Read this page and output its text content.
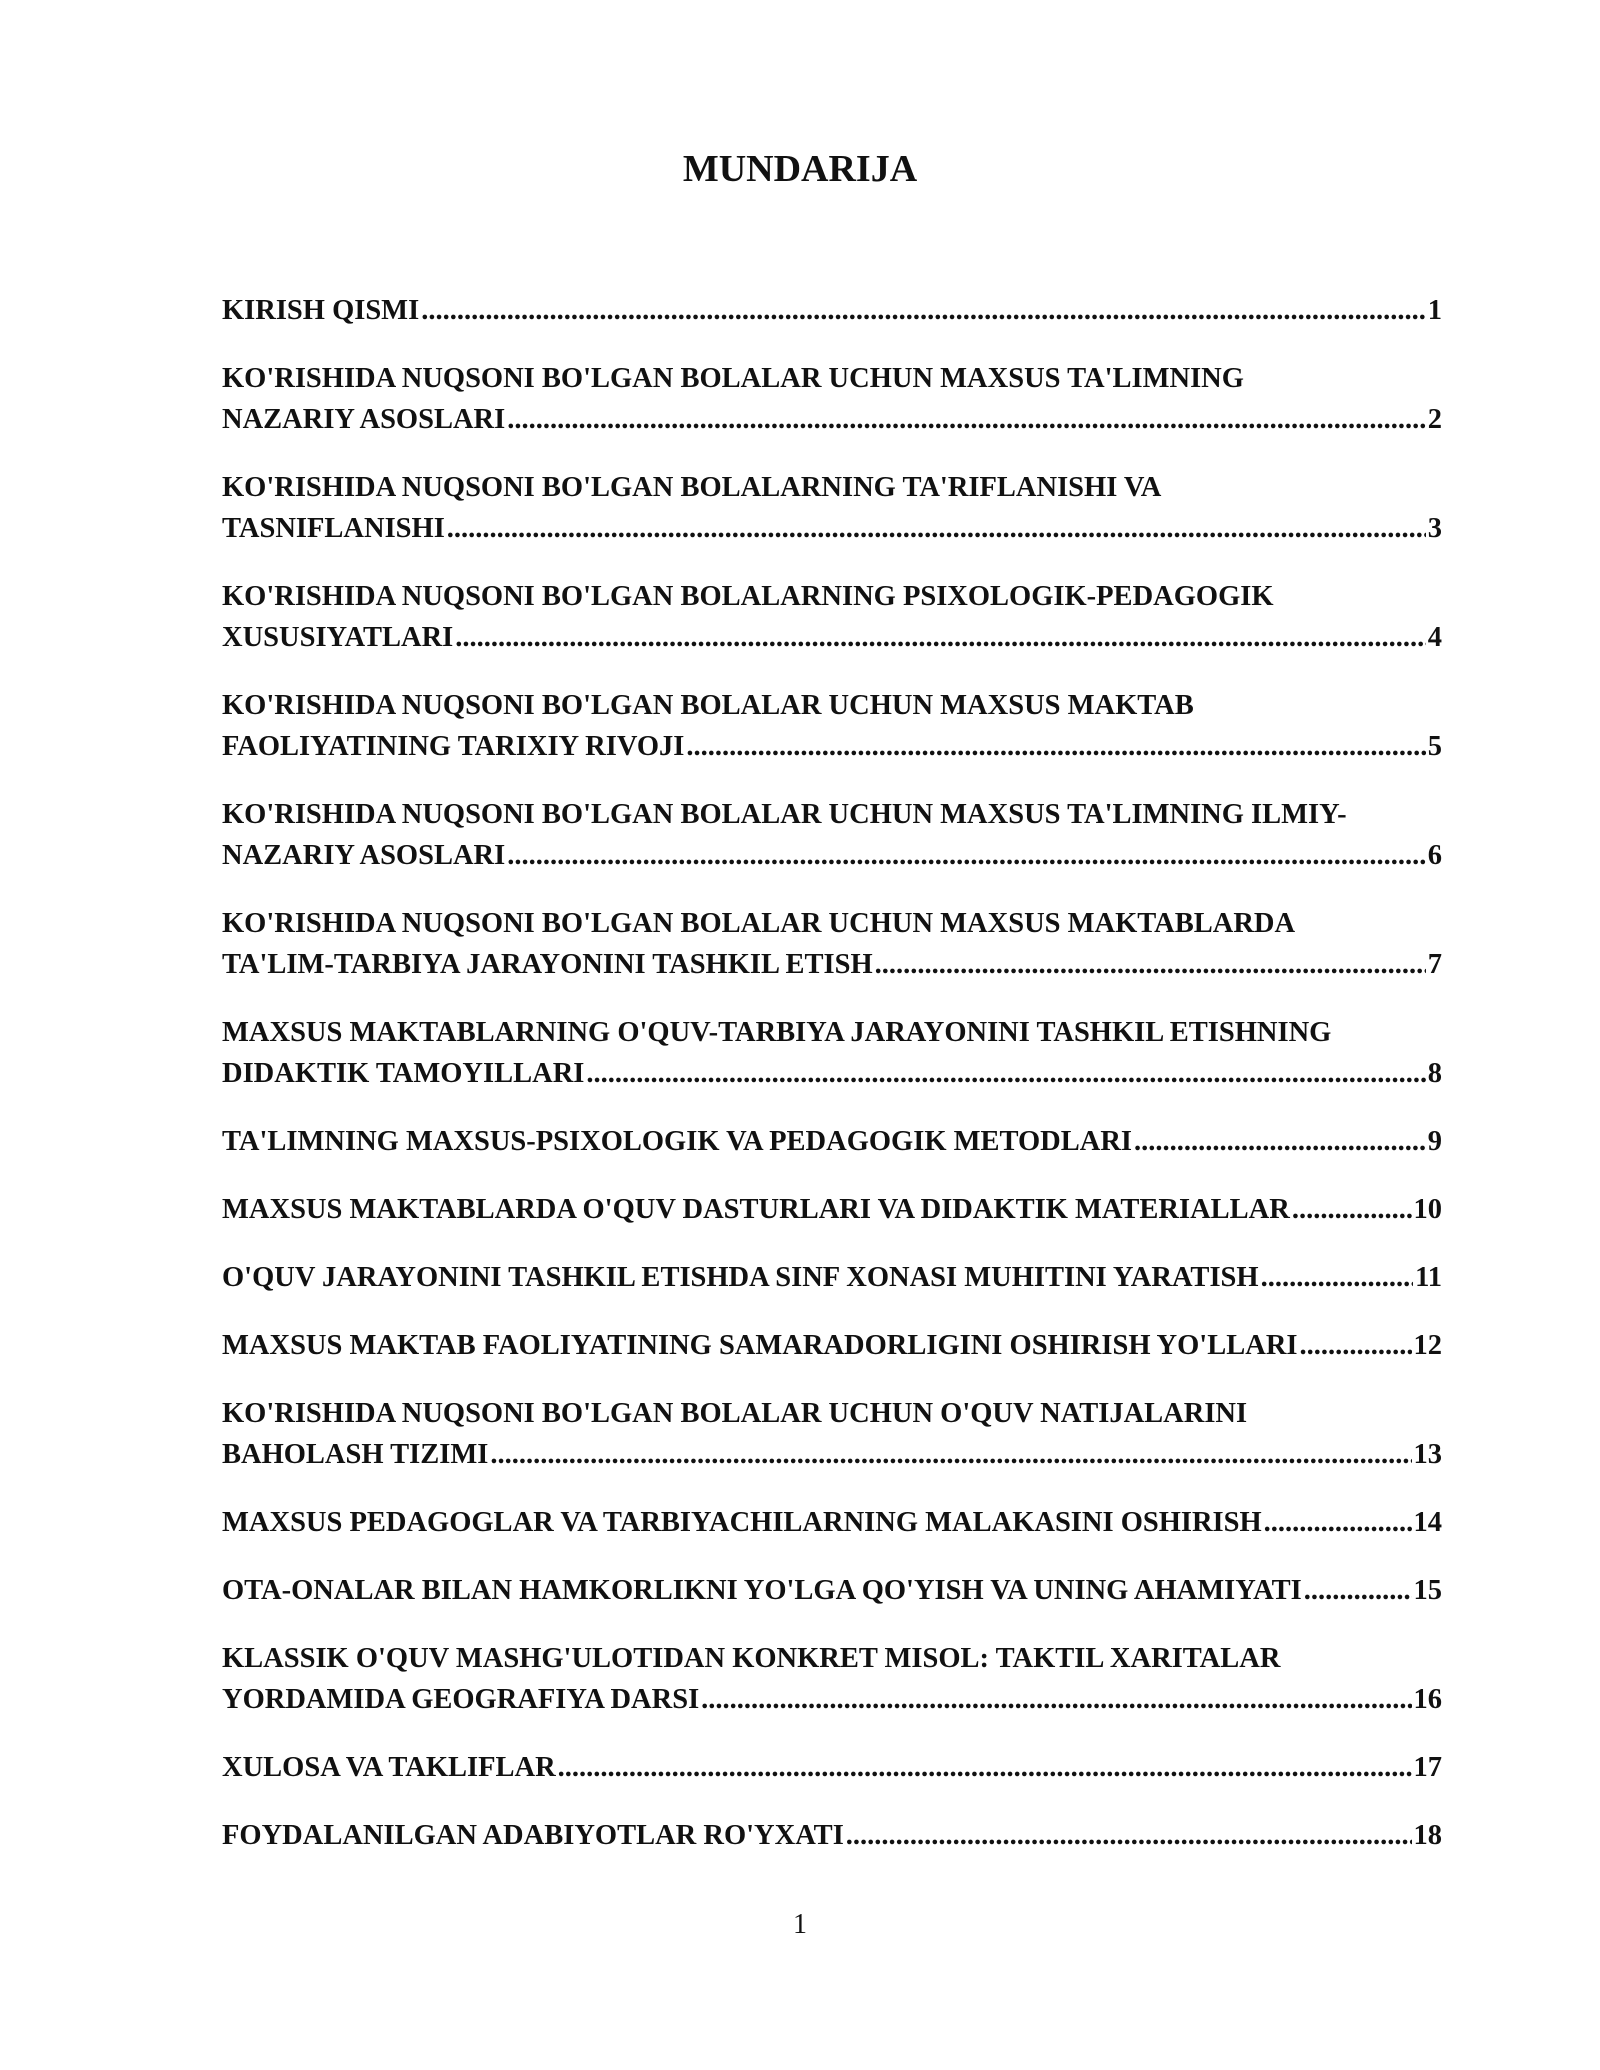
MUNDARIJA
KIRISH QISMI .....	1
KO'RISHIDA NUQSONI BO'LGAN BOLALAR UCHUN MAXSUS TA'LIMNING
NAZARIY ASOSLARI .....	2
KO'RISHIDA NUQSONI BO'LGAN BOLALARNING TA'RIFLANISHI VA
TASNIFLANISHI .....	3
KO'RISHIDA NUQSONI BO'LGAN BOLALARNING PSIXOLOGIK-PEDAGOGIK
XUSUSIYATLARI .....	4
KO'RISHIDA NUQSONI BO'LGAN BOLALAR UCHUN MAXSUS MAKTAB
FAOLIYATINING TARIXIY RIVOJI .....	5
KO'RISHIDA NUQSONI BO'LGAN BOLALAR UCHUN MAXSUS TA'LIMNING ILMIY-
NAZARIY ASOSLARI .....	6
KO'RISHIDA NUQSONI BO'LGAN BOLALAR UCHUN MAXSUS MAKTABLARDA
TA'LIM-TARBIYA JARAYONINI TASHKIL ETISH .....	7
MAXSUS MAKTABLARNING O'QUV-TARBIYA JARAYONINI TASHKIL ETISHNING
DIDAKTIK TAMOYILLARI .....	8
TA'LIMNING MAXSUS-PSIXOLOGIK VA PEDAGOGIK METODLARI .....	9
MAXSUS MAKTABLARDA O'QUV DASTURLARI VA DIDAKTIK MATERIALLAR .....	10
O'QUV JARAYONINI TASHKIL ETISHDA SINF XONASI MUHITINI YARATISH .....	11
MAXSUS MAKTAB FAOLIYATINING SAMARADORLIGINI OSHIRISH YO'LLARI .....	12
KO'RISHIDA NUQSONI BO'LGAN BOLALAR UCHUN O'QUV NATIJALARINI
BAHOLASH TIZIMI .....	13
MAXSUS PEDAGOGLAR VA TARBIYACHILARNING MALAKASINI OSHIRISH .....	14
OTA-ONALAR BILAN HAMKORLIKNI YO'LGA QO'YISH VA UNING AHAMIYATI .....	15
KLASSIK O'QUV MASHG'ULOTIDAN KONKRET MISOL: TAKTIL XARITALAR
YORDAMIDA GEOGRAFIYA DARSI .....	16
XULOSA VA TAKLIFLAR .....	17
FOYDALANILGAN ADABIYOTLAR RO'YXATI .....	18
1
